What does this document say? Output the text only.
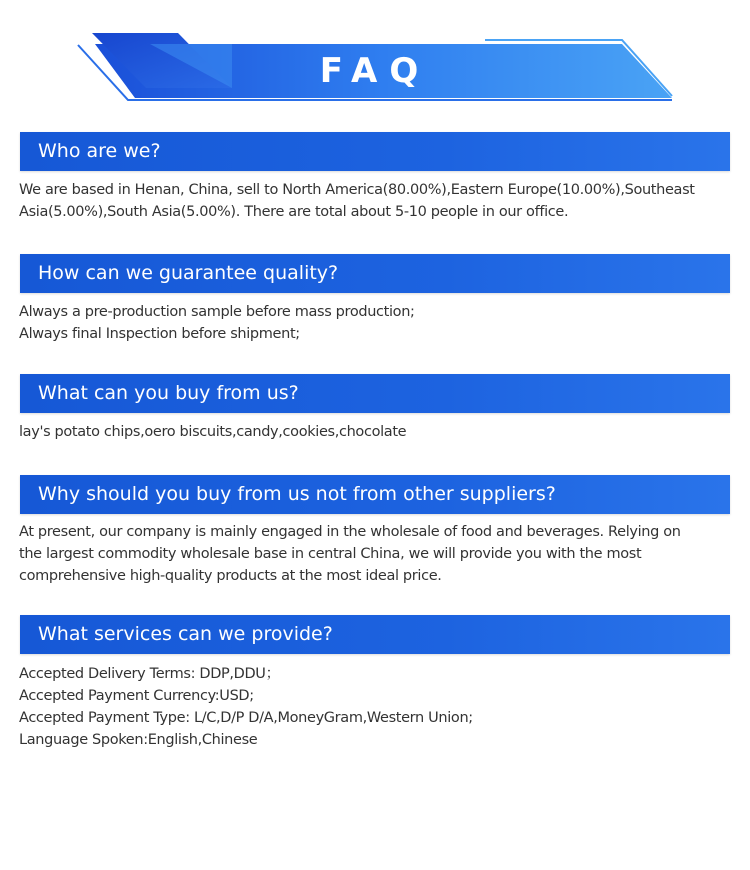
FAQ
Who are we?
We are based in Henan, China, sell to North America(80.00%),Eastern Europe(10.00%),Southeast
Asia(5.00%),South Asia(5.00%). There are total about 5-10 people in our office.
How can we guarantee quality?
Always a pre-production sample before mass production;
Always final Inspection before shipment;
What can you buy from us?
lay's potato chips,oero biscuits,candy,cookies,chocolate
Why should you buy from us not from other suppliers?
At present, our company is mainly engaged in the wholesale of food and beverages. Relying on
the largest commodity wholesale base in central China, we will provide you with the most
comprehensive high-quality products at the most ideal price.
What services can we provide?
Accepted Delivery Terms: DDP,DDU；
Accepted Payment Currency:USD;
Accepted Payment Type: L/C,D/P D/A,MoneyGram,Western Union;
Language Spoken:English,Chinese
